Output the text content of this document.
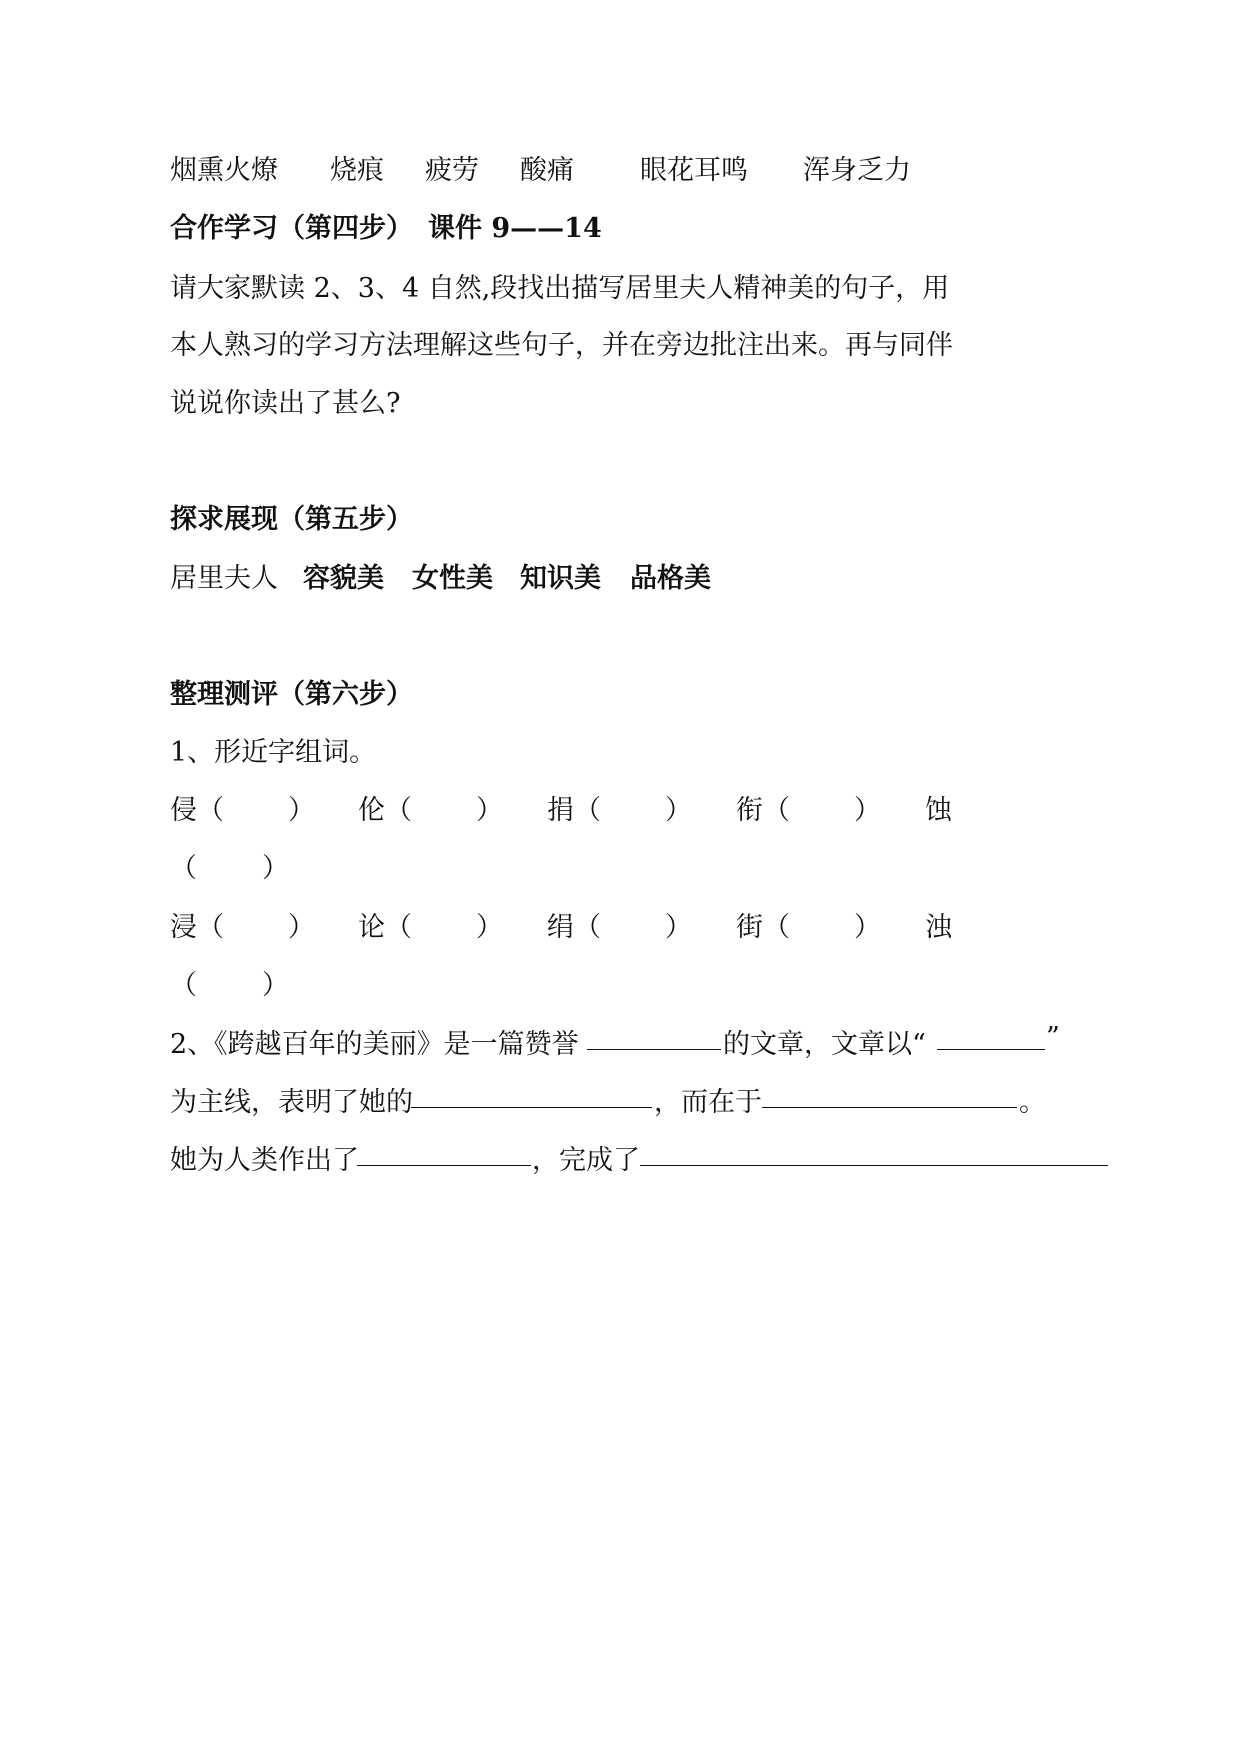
烟熏火燎 烧痕 疲劳 酸痛 眼花耳鸣 浑身乏力
合作学习（第四步） 课件 9——14
请大家默读 2、3、4 自然,段找出描写居里夫人精神美的句子，用
本人熟习的学习方法理解这些句子，并在旁边批注出来。再与同伴
说说你读出了甚么?
探求展现（第五步）
居里夫人 容貌美 女性美 知识美 品格美
整理测评（第六步）
1、形近字组词。
侵（ ） 伦（ ） 捐（ ） 衔（ ） 蚀
（ ）
浸（ ） 论（ ） 绢（ ） 街（ ） 浊
（ ）
2、《跨越百年的美丽》是一篇赞誉	的文章，文章以“	”
为主线，表明了她的	，而在于	。
她为人类作出了	，完成了
